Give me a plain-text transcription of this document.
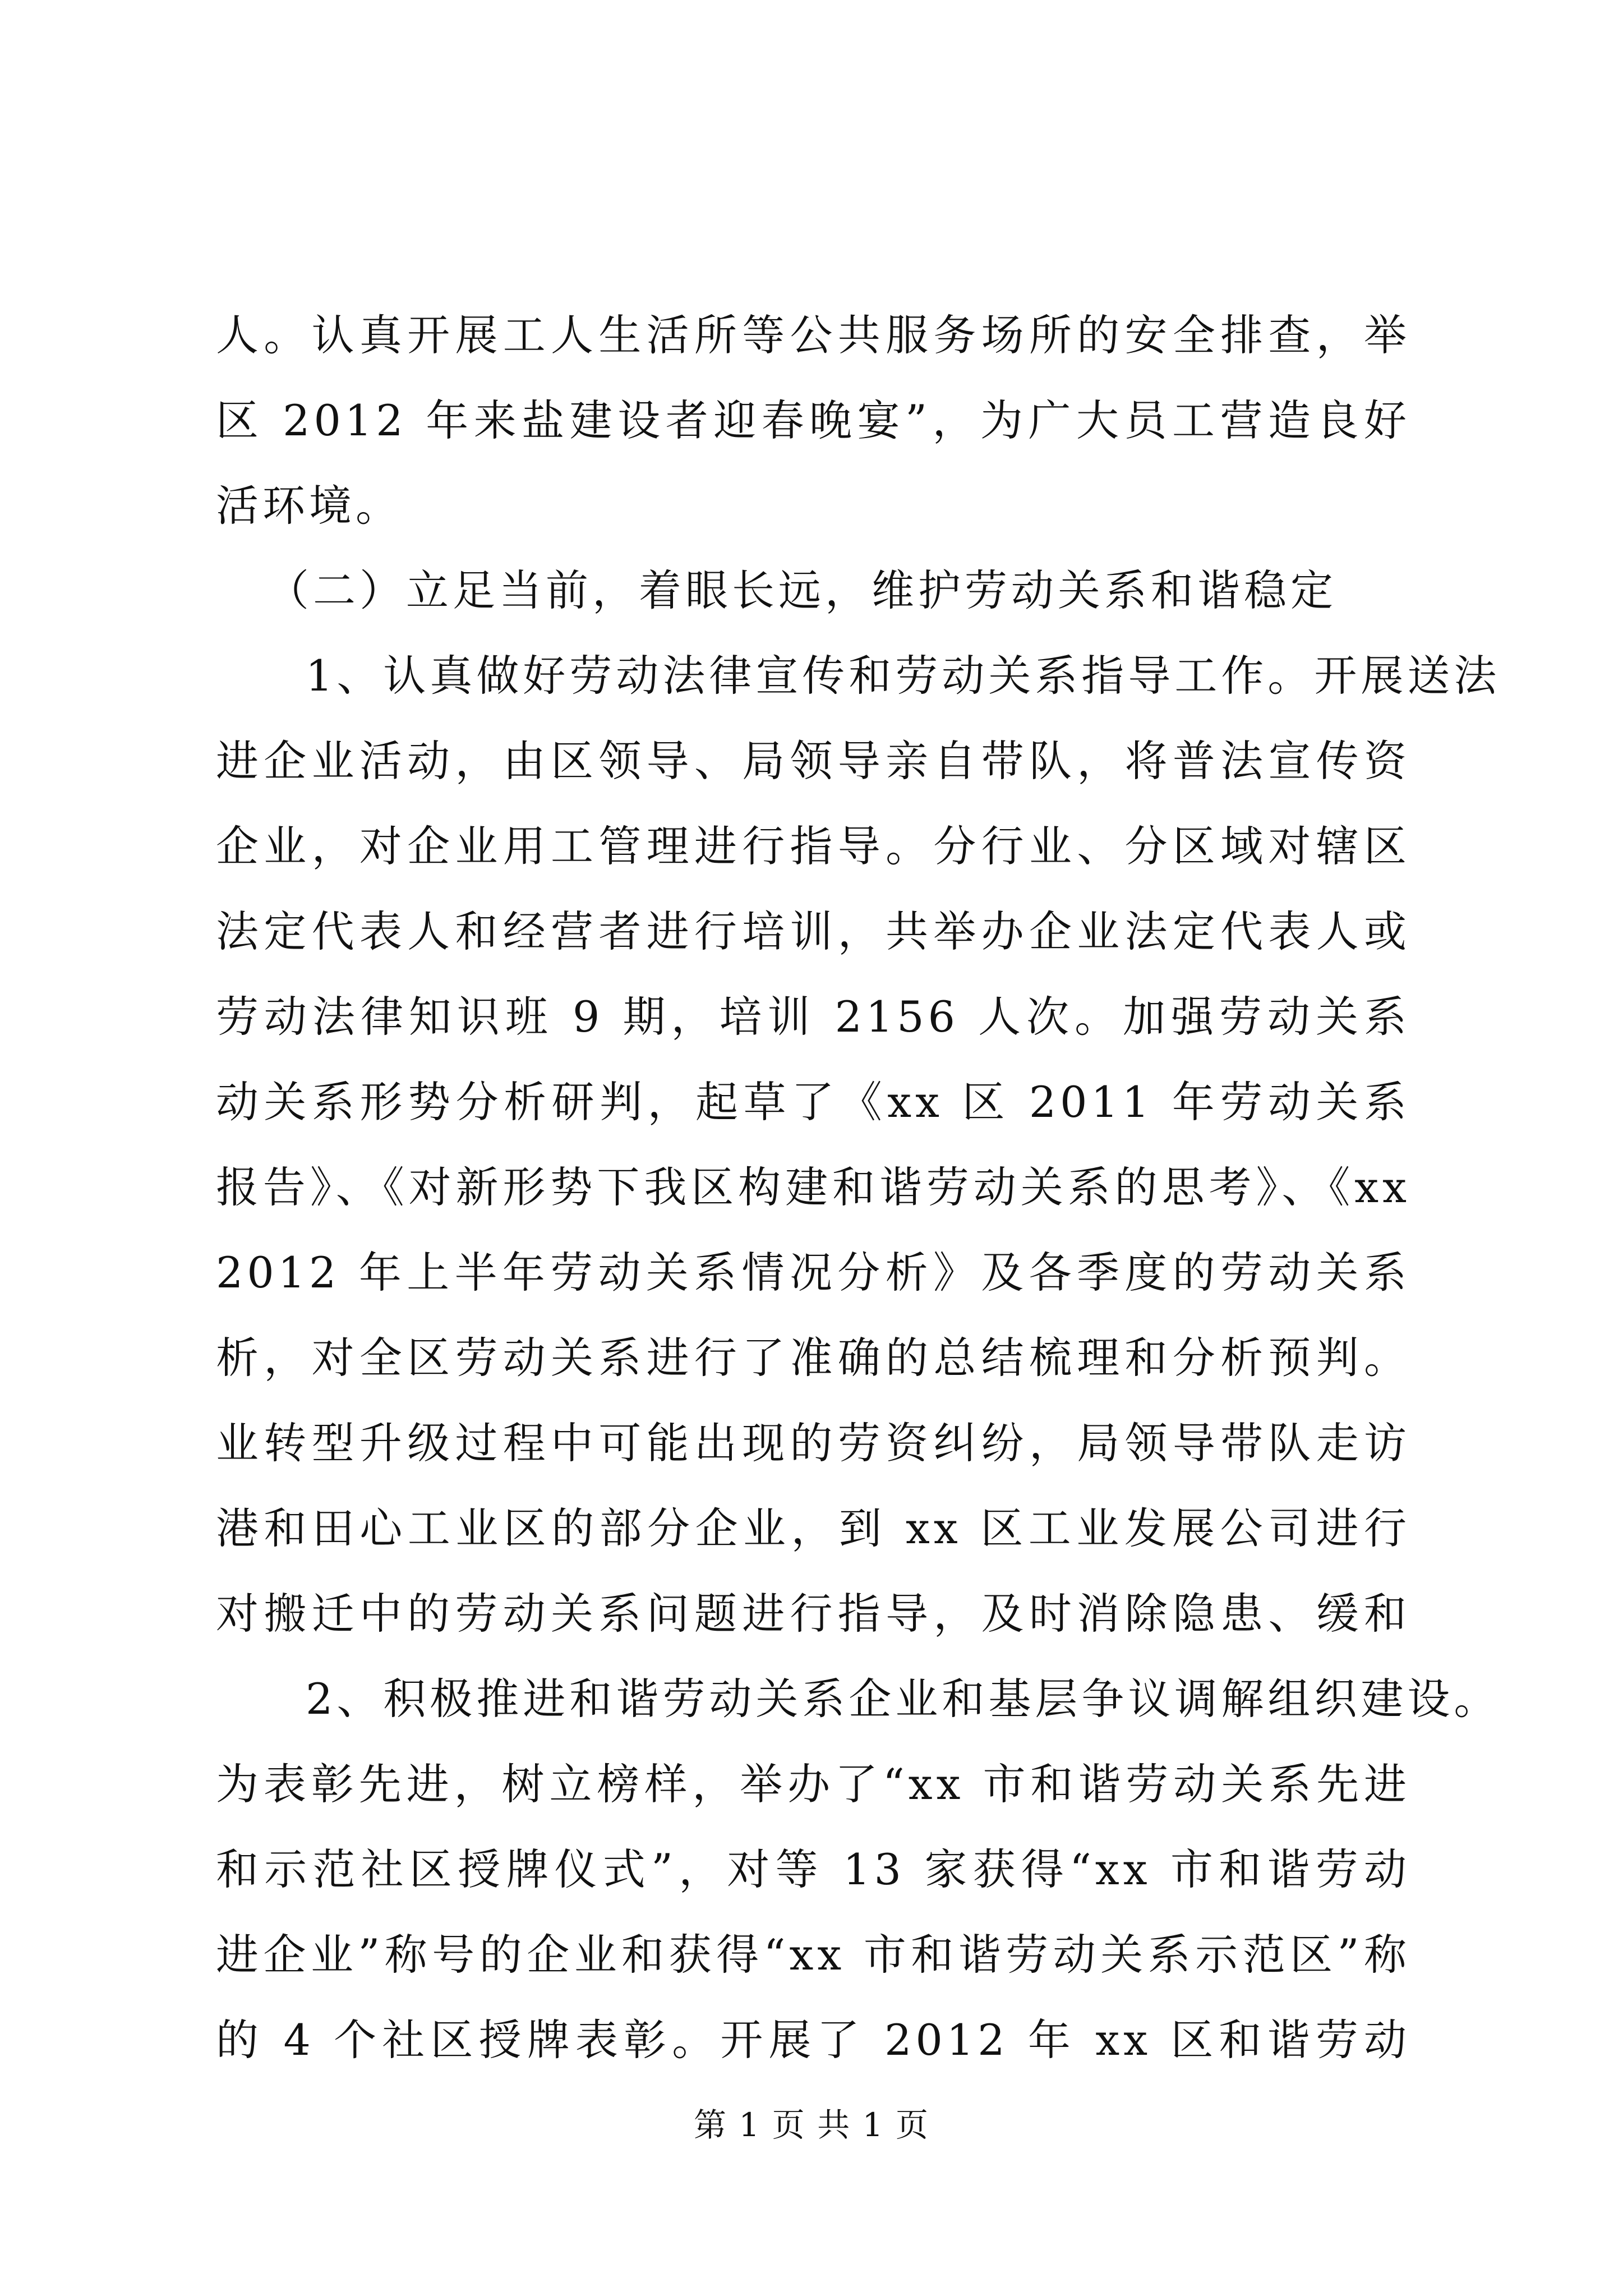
人。认真开展工人生活所等公共服务场所的安全排查，举
区 2012 年来盐建设者迎春晚宴”，为广大员工营造良好
活环境。
（二）立足当前，着眼长远，维护劳动关系和谐稳定
1、认真做好劳动法律宣传和劳动关系指导工作。开展送法
进企业活动，由区领导、局领导亲自带队，将普法宣传资
企业，对企业用工管理进行指导。分行业、分区域对辖区
法定代表人和经营者进行培训，共举办企业法定代表人或
劳动法律知识班 9 期，培训 2156 人次。加强劳动关系
动关系形势分析研判，起草了《xx 区 2011 年劳动关系
报告》、《对新形势下我区构建和谐劳动关系的思考》、《xx
2012 年上半年劳动关系情况分析》及各季度的劳动关系
析，对全区劳动关系进行了准确的总结梳理和分析预判。
业转型升级过程中可能出现的劳资纠纷，局领导带队走访
港和田心工业区的部分企业，到 xx 区工业发展公司进行
对搬迁中的劳动关系问题进行指导，及时消除隐患、缓和
2、积极推进和谐劳动关系企业和基层争议调解组织建设。
为表彰先进，树立榜样，举办了“xx 市和谐劳动关系先进
和示范社区授牌仪式”，对等 13 家获得“xx 市和谐劳动
进企业”称号的企业和获得“xx 市和谐劳动关系示范区”称
的 4 个社区授牌表彰。开展了 2012 年 xx 区和谐劳动
第 1 页 共 1 页
